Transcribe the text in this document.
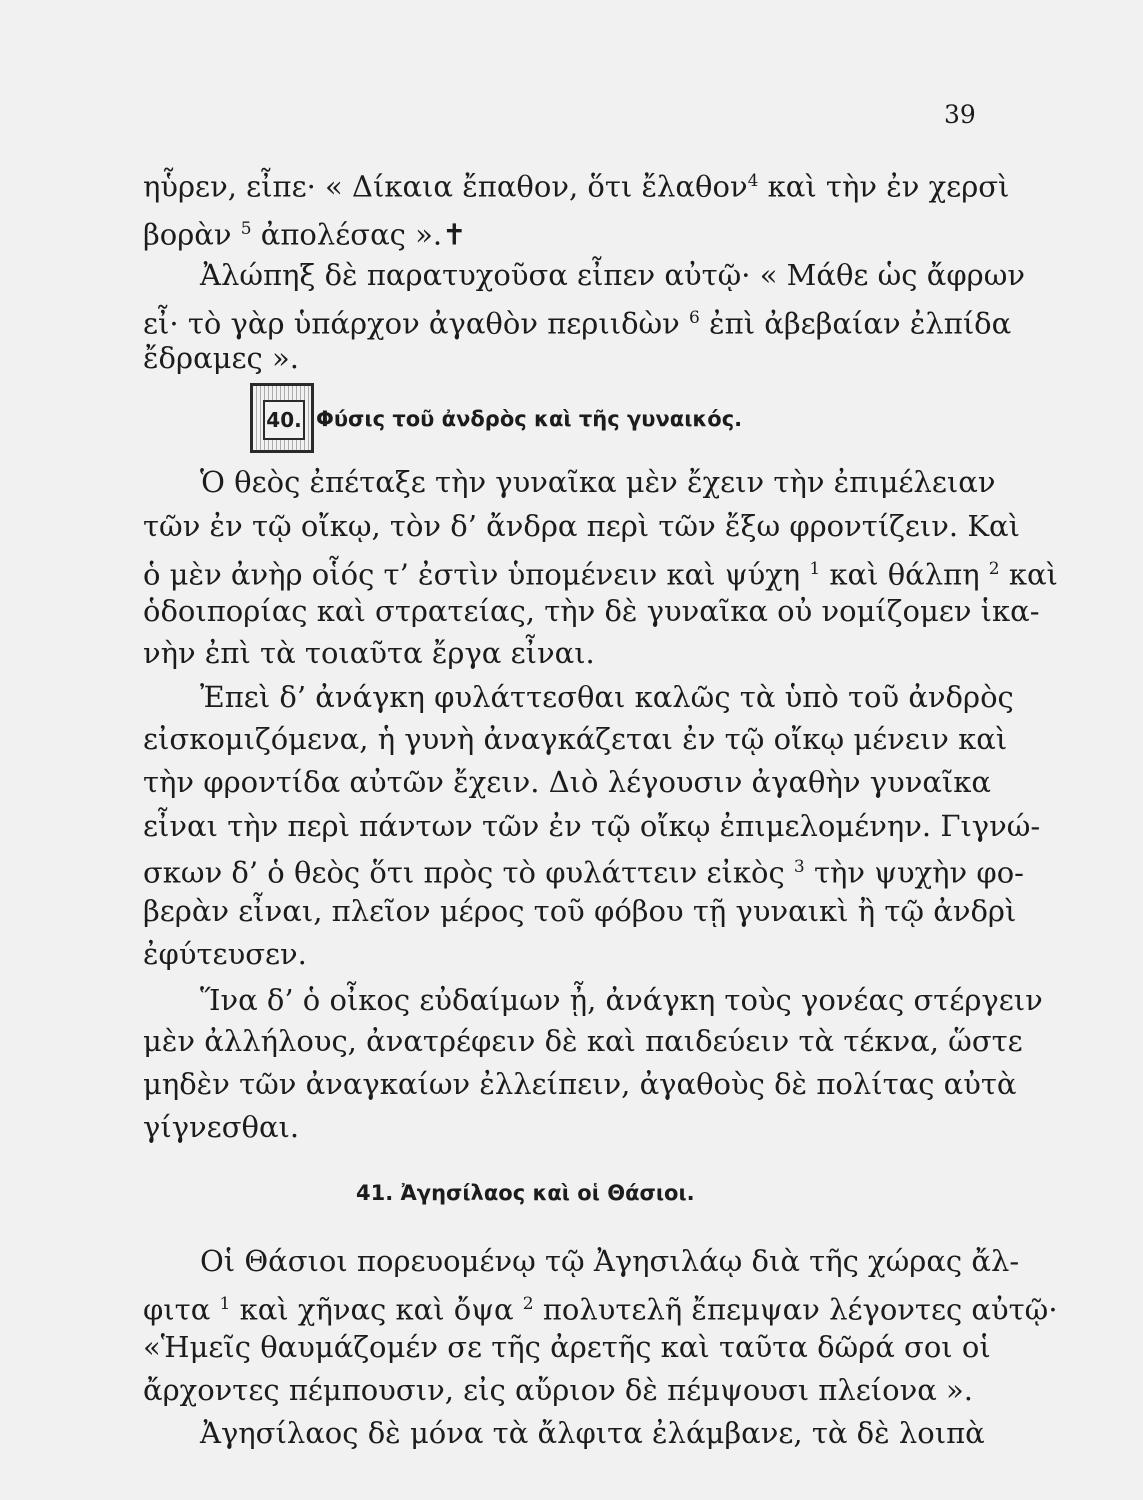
39
ηὗρεν, εἶπε· « Δίκαια ἔπαθον, ὅτι ἔλαθον$^4$ καὶ τὴν ἐν χερσὶ
βορὰν $^5$ ἀπολέσας ».✝
Ἀλώπηξ δὲ παρατυχοῦσα εἶπεν αὐτῷ· « Μάθε ὡς ἄφρων
εἶ· τὸ γὰρ ὑπάρχον ἀγαθὸν περιιδὼν $^6$ ἐπὶ ἀβεβαίαν ἐλπίδα
ἔδραμες ».
40. Φύσις τοῦ ἀνδρὸς καὶ τῆς γυναικός.
Ὁ θεὸς ἐπέταξε τὴν γυναῖκα μὲν ἔχειν τὴν ἐπιμέλειαν
τῶν ἐν τῷ οἴκῳ, τὸν δ’ ἄνδρα περὶ τῶν ἔξω φροντίζειν. Καὶ
ὁ μὲν ἀνὴρ οἷός τ’ ἐστὶν ὑπομένειν καὶ ψύχη $^1$ καὶ θάλπη $^2$ καὶ
ὁδοιπορίας καὶ στρατείας, τὴν δὲ γυναῖκα οὐ νομίζομεν ἱκα-
νὴν ἐπὶ τὰ τοιαῦτα ἔργα εἶναι.
Ἐπεὶ δ’ ἀνάγκη φυλάττεσθαι καλῶς τὰ ὑπὸ τοῦ ἀνδρὸς
εἰσκομιζόμενα, ἡ γυνὴ ἀναγκάζεται ἐν τῷ οἴκῳ μένειν καὶ
τὴν φροντίδα αὐτῶν ἔχειν. Διὸ λέγουσιν ἀγαθὴν γυναῖκα
εἶναι τὴν περὶ πάντων τῶν ἐν τῷ οἴκῳ ἐπιμελομένην. Γιγνώ-
σκων δ’ ὁ θεὸς ὅτι πρὸς τὸ φυλάττειν εἰκὸς $^3$ τὴν ψυχὴν φο-
βερὰν εἶναι, πλεῖον μέρος τοῦ φόβου τῇ γυναικὶ ἢ τῷ ἀνδρὶ
ἐφύτευσεν.
Ἵνα δ’ ὁ οἶκος εὐδαίμων ᾖ, ἀνάγκη τοὺς γονέας στέργειν
μὲν ἀλλήλους, ἀνατρέφειν δὲ καὶ παιδεύειν τὰ τέκνα, ὥστε
μηδὲν τῶν ἀναγκαίων ἐλλείπειν, ἀγαθοὺς δὲ πολίτας αὐτὰ
γίγνεσθαι.
41. Ἀγησίλαος καὶ οἱ Θάσιοι.
Οἱ Θάσιοι πορευομένῳ τῷ Ἀγησιλάῳ διὰ τῆς χώρας ἄλ-
φιτα $^1$ καὶ χῆνας καὶ ὄψα $^2$ πολυτελῆ ἔπεμψαν λέγοντες αὐτῷ·
«Ἡμεῖς θαυμάζομέν σε τῆς ἀρετῆς καὶ ταῦτα δῶρά σοι οἱ
ἄρχοντες πέμπουσιν, εἰς αὔριον δὲ πέμψουσι πλείονα ».
Ἀγησίλαος δὲ μόνα τὰ ἄλφιτα ἐλάμβανε, τὰ δὲ λοιπὰ
